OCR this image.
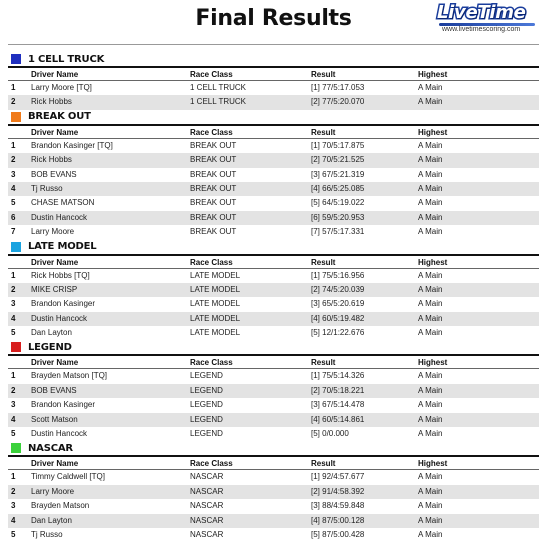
Final Results	LiveTime
www.livetimescoring.com
1 CELL TRUCK
Driver Name	Race Class	Result	Highest
1 Larry Moore [TQ]	1 CELL TRUCK	[1] 77/5:17.053	A Main
2 Rick Hobbs	1 CELL TRUCK	[2] 77/5:20.070	A Main
BREAK OUT
Driver Name	Race Class	Result	Highest
1 Brandon Kasinger [TQ]	BREAK OUT	[1] 70/5:17.875	A Main
2 Rick Hobbs	BREAK OUT	[2] 70/5:21.525	A Main
3 BOB EVANS	BREAK OUT	[3] 67/5:21.319	A Main
4 Tj Russo	BREAK OUT	[4] 66/5:25.085	A Main
5 CHASE MATSON	BREAK OUT	[5] 64/5:19.022	A Main
6 Dustin Hancock	BREAK OUT	[6] 59/5:20.953	A Main
7 Larry Moore	BREAK OUT	[7] 57/5:17.331	A Main
LATE MODEL
Driver Name	Race Class	Result	Highest
1 Rick Hobbs [TQ]	LATE MODEL	[1] 75/5:16.956	A Main
2 MIKE CRISP	LATE MODEL	[2] 74/5:20.039	A Main
3 Brandon Kasinger	LATE MODEL	[3] 65/5:20.619	A Main
4 Dustin Hancock	LATE MODEL	[4] 60/5:19.482	A Main
5 Dan Layton	LATE MODEL	[5] 12/1:22.676	A Main
LEGEND
Driver Name	Race Class	Result	Highest
1 Brayden Matson [TQ]	LEGEND	[1] 75/5:14.326	A Main
2 BOB EVANS	LEGEND	[2] 70/5:18.221	A Main
3 Brandon Kasinger	LEGEND	[3] 67/5:14.478	A Main
4 Scott Matson	LEGEND	[4] 60/5:14.861	A Main
5 Dustin Hancock	LEGEND	[5] 0/0.000	A Main
NASCAR
Driver Name	Race Class	Result	Highest
1 Timmy Caldwell [TQ]	NASCAR	[1] 92/4:57.677	A Main
2 Larry Moore	NASCAR	[2] 91/4:58.392	A Main
3 Brayden Matson	NASCAR	[3] 88/4:59.848	A Main
4 Dan Layton	NASCAR	[4] 87/5:00.128	A Main
5 Tj Russo	NASCAR	[5] 87/5:00.428	A Main
